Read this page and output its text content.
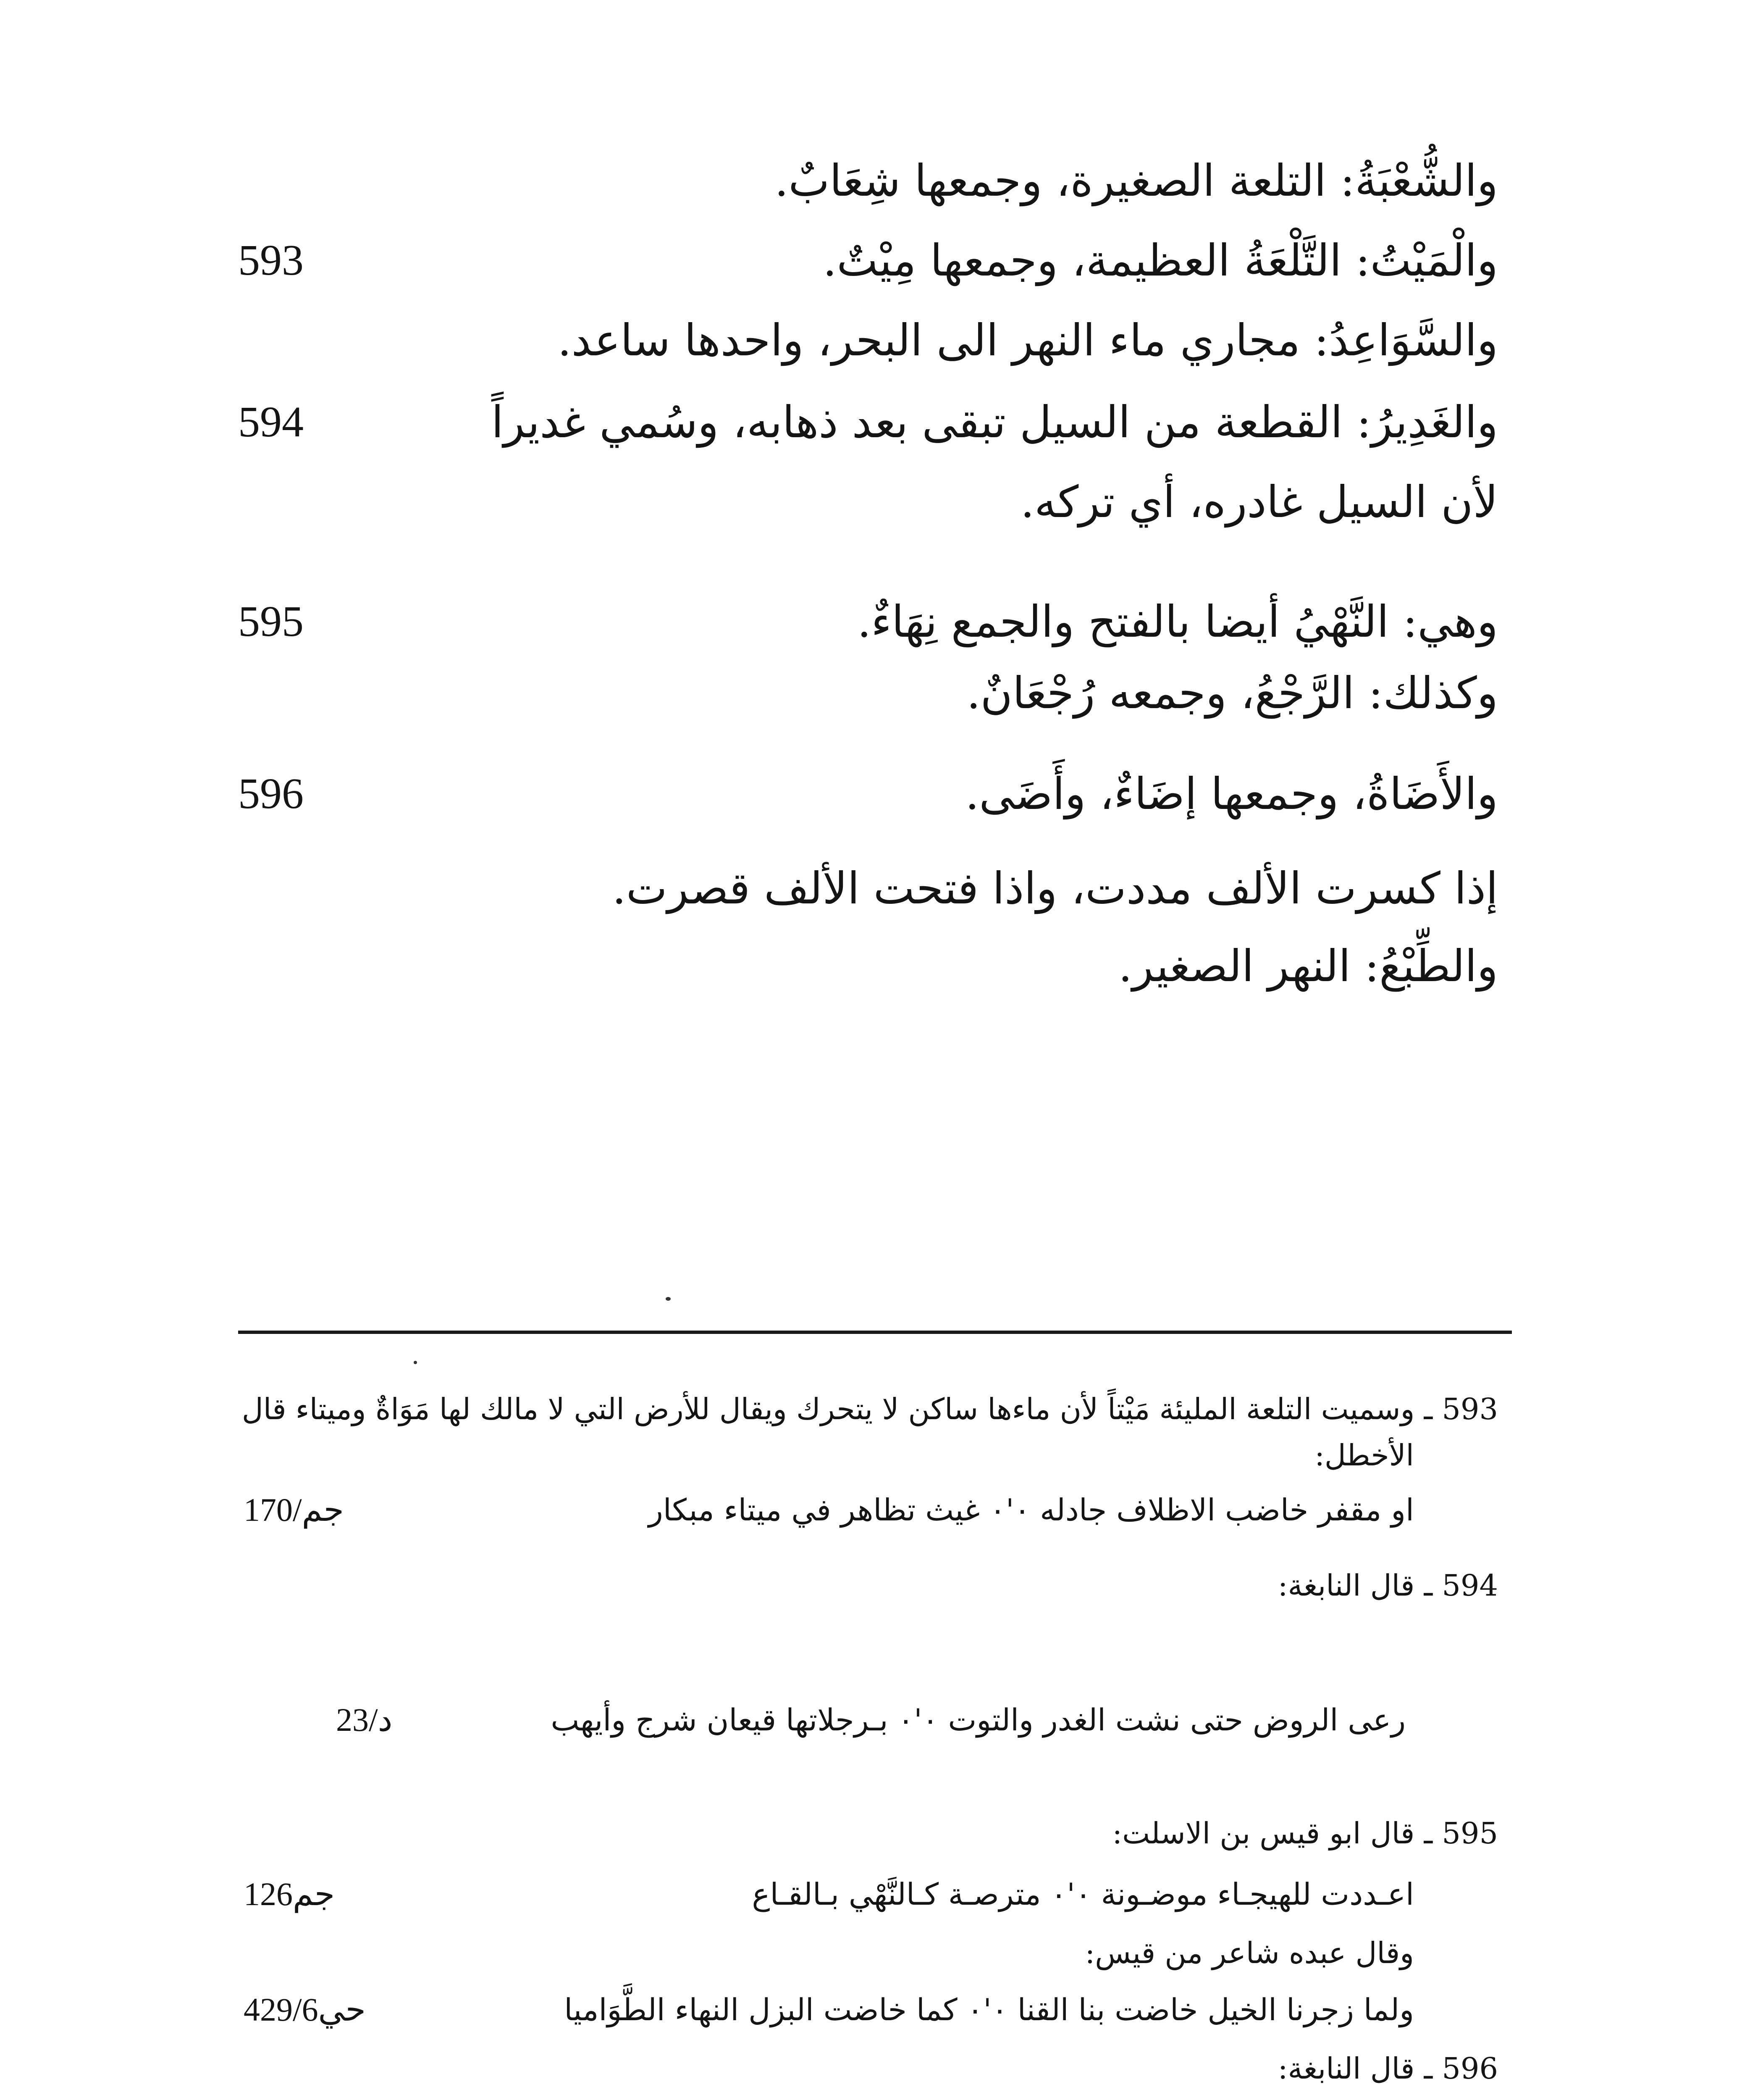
والشُّعْبَةُ: التلعة الصغيرة، وجمعها شِعَابٌ.
والْمَيْتُ: التَّلْعَةُ العظيمة، وجمعها مِيْتٌ.
593
والسَّوَاعِدُ: مجاري ماء النهر الى البحر، واحدها ساعد.
والغَدِيرُ: القطعة من السيل تبقى بعد ذهابه، وسُمي غديراً
594
لأن السيل غادره، أي تركه.
وهي: النَّهْيُ أيضا بالفتح والجمع نِهَاءٌ.
595
وكذلك: الرَّجْعُ، وجمعه رُجْعَانٌ.
والأَضَاةُ، وجمعها إضَاءٌ، وأَضَى.
596
إذا كسرت الألف مددت، واذا فتحت الألف قصرت.
والطِّبْعُ: النهر الصغير.
593 ـ وسميت التلعة المليئة مَيْتاً لأن ماءها ساكن لا يتحرك ويقال للأرض التي لا مالك لها مَوَاةٌ وميتاء قال
الأخطل:
او مقفر خاضب الاظلاف جادله ٠'٠ غيث تظاهر في ميتاء مبكار
جم/170
594 ـ قال النابغة:
رعى الروض حتى نشت الغدر والتوت ٠'٠ بـرجلاتها قيعان شرج وأيهب
د/23
595 ـ قال ابو قيس بن الاسلت:
اعـددت للهيجـاء موضـونة ٠'٠ مترصـة كـالنَّهْي بـالقـاع
جم126
وقال عبده شاعر من قيس:
ولما زجرنا الخيل خاضت بنا القنا ٠'٠ كما خاضت البزل النهاء الطَّوَاميا
حي429/6
596 ـ قال النابغة:
